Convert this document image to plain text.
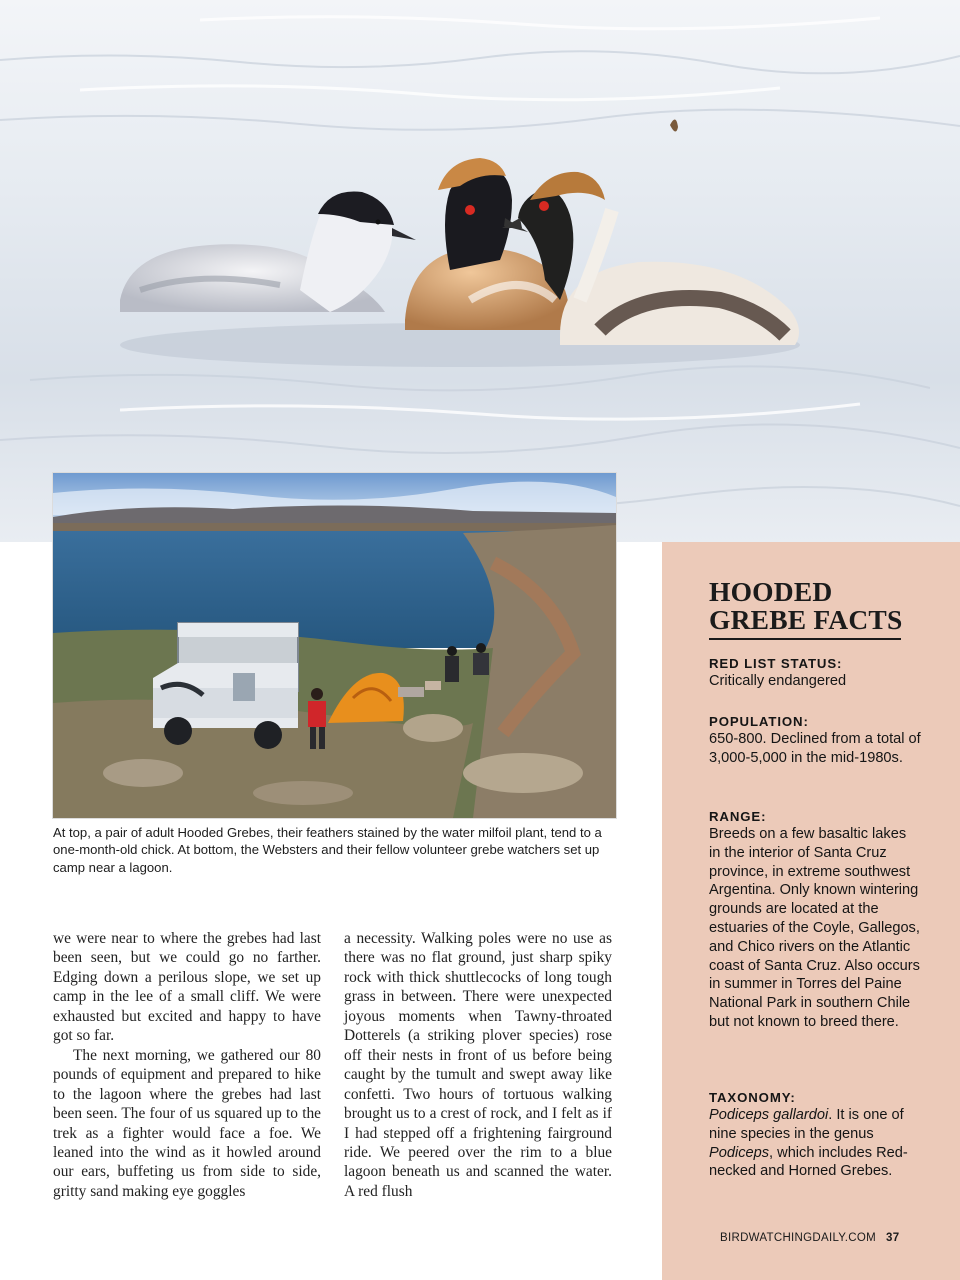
At top, a pair of adult Hooded Grebes, their feathers stained by the water milfoil plant, tend to a one-month-old chick. At bottom, the Websters and their fellow volunteer grebe watchers set up camp near a lagoon.

we were near to where the grebes had last been seen, but we could go no farther. Edging down a perilous slope, we set up camp in the lee of a small cliff. We were exhausted but excited and happy to have got so far.

The next morning, we gathered our 80 pounds of equipment and prepared to hike to the lagoon where the grebes had last been seen. The four of us squared up to the trek as a fighter would face a foe. We leaned into the wind as it howled around our ears, buffeting us from side to side, gritty sand making eye goggles

a necessity. Walking poles were no use as there was no flat ground, just sharp spiky rock with thick shuttlecocks of long tough grass in between. There were unexpected joyous moments when Tawny-throated Dotterels (a striking plover species) rose off their nests in front of us before being caught by the tumult and swept away like confetti. Two hours of tortuous walking brought us to a crest of rock, and I felt as if I had stepped off a frightening fairground ride. We peered over the rim to a blue lagoon beneath us and scanned the water. A red flush

HOODED
GREBE FACTS

RED LIST STATUS:

Critically endangered

POPULATION:

650-800. Declined from a total of 3,000-5,000 in the mid-1980s.

RANGE:

Breeds on a few basaltic lakes in the interior of Santa Cruz province, in extreme southwest Argentina. Only known wintering grounds are located at the estuaries of the Coyle, Gallegos, and Chico rivers on the Atlantic coast of Santa Cruz. Also occurs in summer in Torres del Paine National Park in southern Chile but not known to breed there.

TAXONOMY:

Podiceps gallardoi. It is one of nine species in the genus Podiceps, which includes Red-necked and Horned Grebes.

BIRDWATCHINGDAILY.COM 37
